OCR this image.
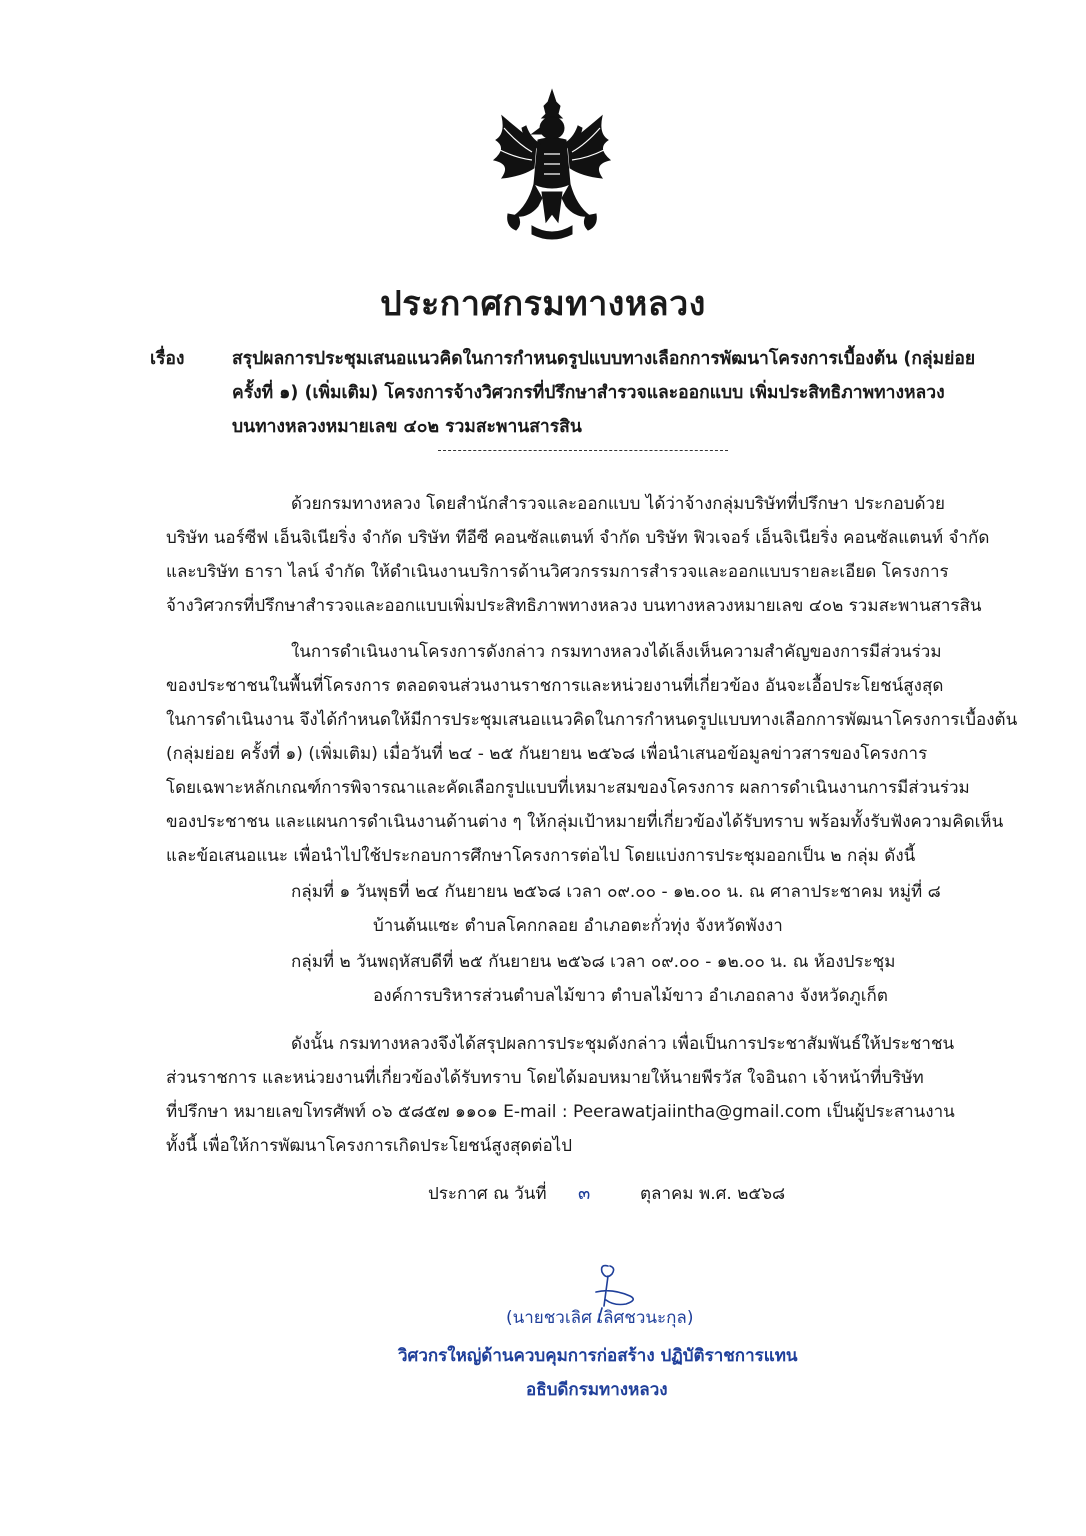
ประกาศกรมทางหลวง
เรื่อง	สรุปผลการประชุมเสนอแนวคิดในการกำหนดรูปแบบทางเลือกการพัฒนาโครงการเบื้องต้น (กลุ่มย่อย
ครั้งที่ ๑) (เพิ่มเติม) โครงการจ้างวิศวกรที่ปรึกษาสำรวจและออกแบบ เพิ่มประสิทธิภาพทางหลวง
บนทางหลวงหมายเลข ๔๐๒ รวมสะพานสารสิน
ด้วยกรมทางหลวง โดยสำนักสำรวจและออกแบบ ได้ว่าจ้างกลุ่มบริษัทที่ปรึกษา ประกอบด้วย
บริษัท นอร์ซีฟ เอ็นจิเนียริ่ง จำกัด บริษัท ทีอีซี คอนซัลแตนท์ จำกัด บริษัท ฟิวเจอร์ เอ็นจิเนียริ่ง คอนซัลแตนท์ จำกัด
และบริษัท ธารา ไลน์ จำกัด ให้ดำเนินงานบริการด้านวิศวกรรมการสำรวจและออกแบบรายละเอียด โครงการ
จ้างวิศวกรที่ปรึกษาสำรวจและออกแบบเพิ่มประสิทธิภาพทางหลวง บนทางหลวงหมายเลข ๔๐๒ รวมสะพานสารสิน
ในการดำเนินงานโครงการดังกล่าว กรมทางหลวงได้เล็งเห็นความสำคัญของการมีส่วนร่วม
ของประชาชนในพื้นที่โครงการ ตลอดจนส่วนงานราชการและหน่วยงานที่เกี่ยวข้อง อันจะเอื้อประโยชน์สูงสุด
ในการดำเนินงาน จึงได้กำหนดให้มีการประชุมเสนอแนวคิดในการกำหนดรูปแบบทางเลือกการพัฒนาโครงการเบื้องต้น
(กลุ่มย่อย ครั้งที่ ๑) (เพิ่มเติม) เมื่อวันที่ ๒๔ - ๒๕ กันยายน ๒๕๖๘ เพื่อนำเสนอข้อมูลข่าวสารของโครงการ
โดยเฉพาะหลักเกณฑ์การพิจารณาและคัดเลือกรูปแบบที่เหมาะสมของโครงการ ผลการดำเนินงานการมีส่วนร่วม
ของประชาชน และแผนการดำเนินงานด้านต่าง ๆ ให้กลุ่มเป้าหมายที่เกี่ยวข้องได้รับทราบ พร้อมทั้งรับฟังความคิดเห็น
และข้อเสนอแนะ เพื่อนำไปใช้ประกอบการศึกษาโครงการต่อไป โดยแบ่งการประชุมออกเป็น ๒ กลุ่ม ดังนี้
กลุ่มที่ ๑ วันพุธที่ ๒๔ กันยายน ๒๕๖๘ เวลา ๐๙.๐๐ - ๑๒.๐๐ น. ณ ศาลาประชาคม หมู่ที่ ๘
บ้านต้นแซะ ตำบลโคกกลอย อำเภอตะกั่วทุ่ง จังหวัดพังงา
กลุ่มที่ ๒ วันพฤหัสบดีที่ ๒๕ กันยายน ๒๕๖๘ เวลา ๐๙.๐๐ - ๑๒.๐๐ น. ณ ห้องประชุม
องค์การบริหารส่วนตำบลไม้ขาว ตำบลไม้ขาว อำเภอถลาง จังหวัดภูเก็ต
ดังนั้น กรมทางหลวงจึงได้สรุปผลการประชุมดังกล่าว เพื่อเป็นการประชาสัมพันธ์ให้ประชาชน
ส่วนราชการ และหน่วยงานที่เกี่ยวข้องได้รับทราบ โดยได้มอบหมายให้นายพีรวัส ใจอินถา เจ้าหน้าที่บริษัท
ที่ปรึกษา หมายเลขโทรศัพท์ ๐๖ ๕๘๕๗ ๑๑๐๑ E-mail : Peerawatjaiintha@gmail.com เป็นผู้ประสานงาน
ทั้งนี้ เพื่อให้การพัฒนาโครงการเกิดประโยชน์สูงสุดต่อไป
ประกาศ ณ วันที่ ๓	ตุลาคม พ.ศ. ๒๕๖๘
(นายชวเลิศ เลิศชวนะกุล)
วิศวกรใหญ่ด้านควบคุมการก่อสร้าง ปฏิบัติราชการแทน
อธิบดีกรมทางหลวง
